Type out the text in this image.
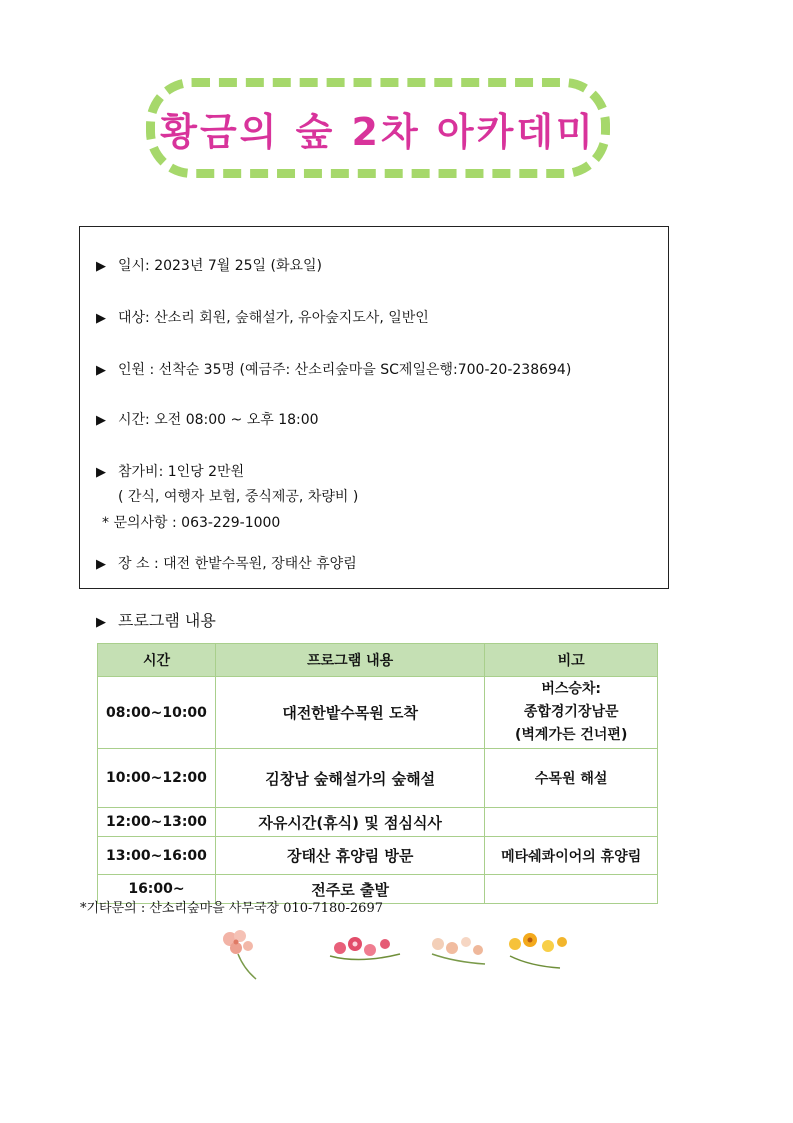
황금의 숲 2차 아카데미
▶ 일시: 2023년 7월 25일 (화요일)
▶ 대상: 산소리 회원, 숲해설가, 유아숲지도사, 일반인
▶ 인원 : 선착순 35명 (예금주: 산소리숲마을 SC제일은행:700-20-238694)
▶ 시간: 오전 08:00 ~ 오후 18:00
▶ 참가비: 1인당 2만원
( 간식, 여행자 보험, 중식제공, 차량비 )
* 문의사항 : 063-229-1000
▶ 장 소 : 대전 한밭수목원, 장태산 휴양림
▶ 프로그램 내용
시간	프로그램 내용	비고
08:00~10:00	대전한밭수목원 도착	버스승차:
종합경기장남문
(벽계가든 건너편)

10:00~12:00	김창남 숲해설가의 숲해설	수목원 해설
12:00~13:00	자유시간(휴식) 및 점심식사	
13:00~16:00	장태산 휴양림 방문	메타쉐콰이어의 휴양림
16:00~	전주로 출발	
*기타문의 : 산소리숲마을 사무국장 010-7180-2697
